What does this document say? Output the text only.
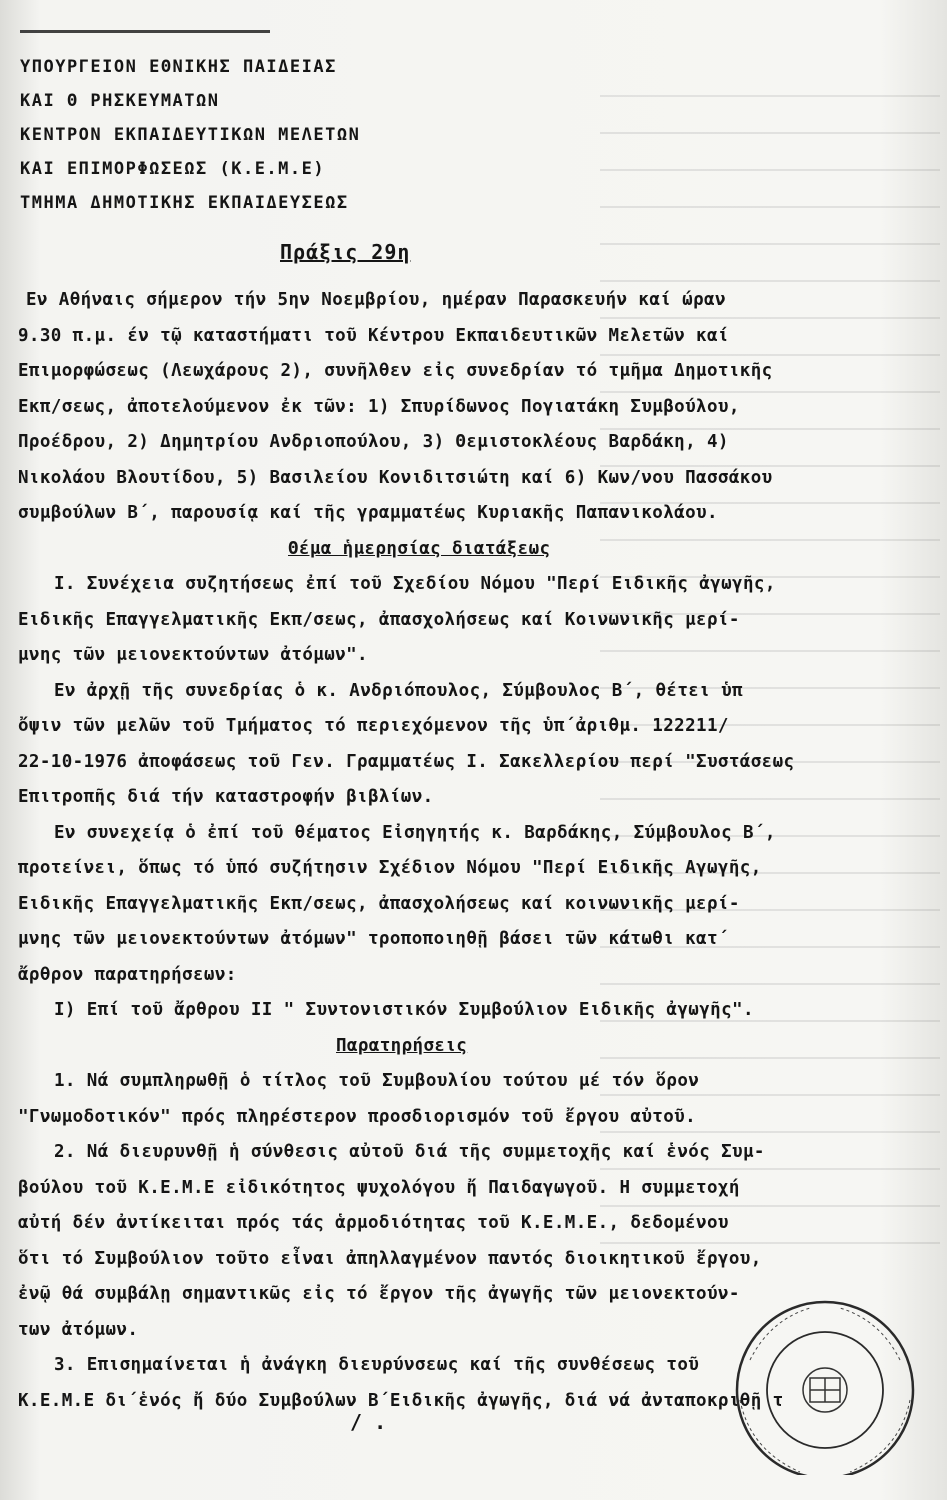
ΥΠΟΥΡΓΕΙΟΝ ΕΘΝΙΚΗΣ ΠΑΙΔΕΙΑΣ
ΚΑΙ Θ ΡΗΣΚΕΥΜΑΤΩΝ
ΚΕΝΤΡΟΝ ΕΚΠΑΙΔΕΥΤΙΚΩΝ ΜΕΛΕΤΩΝ
ΚΑΙ ΕΠΙΜΟΡΦΩΣΕΩΣ (Κ.Ε.Μ.Ε)
ΤΜΗΜΑ ΔΗΜΟΤΙΚΗΣ ΕΚΠΑΙΔΕΥΣΕΩΣ
Πράξις 29η
Εν Αθήναις σήμερον τήν 5ην Νοεμβρίου, ημέραν Παρασκευήν καί ώραν
9.30 π.μ. έν τῷ καταστήματι τοῦ Κέντρου Εκπαιδευτικῶν Μελετῶν καί
Επιμορφώσεως (Λεωχάρους 2), συνῆλθεν εἰς συνεδρίαν τό τμῆμα Δημοτικῆς
Εκπ/σεως, ἀποτελούμενον ἐκ τῶν: 1) Σπυρίδωνος Πογιατάκη Συμβούλου,
Προέδρου, 2) Δημητρίου Ανδριοπούλου, 3) Θεμιστοκλέους Βαρδάκη, 4)
Νικολάου Βλουτίδου, 5) Βασιλείου Κονιδιτσιώτη καί 6) Κων/νου Πασσάκου
συμβούλων Β΄, παρουσίᾳ καί τῆς γραμματέως Κυριακῆς Παπανικολάου.
Θέμα ἡμερησίας διατάξεως
Ι. Συνέχεια συζητήσεως ἐπί τοῦ Σχεδίου Νόμου "Περί Ειδικῆς ἀγωγῆς,
Ειδικῆς Επαγγελματικῆς Εκπ/σεως, ἀπασχολήσεως καί Κοινωνικῆς μερί-
μνης τῶν μειονεκτούντων ἀτόμων".
Εν ἀρχῇ τῆς συνεδρίας ὁ κ. Ανδριόπουλος, Σύμβουλος Β΄, θέτει ὑπ
ὄψιν τῶν μελῶν τοῦ Τμήματος τό περιεχόμενον τῆς ὑπ΄ἀριθμ. 122211/
22-10-1976 ἀποφάσεως τοῦ Γεν. Γραμματέως Ι. Σακελλερίου περί "Συστάσεως
Επιτροπῆς διά τήν καταστροφήν βιβλίων.
Εν συνεχείᾳ ὁ ἐπί τοῦ θέματος Εἰσηγητής κ. Βαρδάκης, Σύμβουλος Β΄,
προτείνει, ὅπως τό ὑπό συζήτησιν Σχέδιον Νόμου "Περί Ειδικῆς Αγωγῆς,
Ειδικῆς Επαγγελματικῆς Εκπ/σεως, ἀπασχολήσεως καί κοινωνικῆς μερί-
μνης τῶν μειονεκτούντων ἀτόμων" τροποποιηθῇ βάσει τῶν κάτωθι κατ΄
ἄρθρον παρατηρήσεων:
Ι) Επί τοῦ ἄρθρου ΙΙ " Συντονιστικόν Συμβούλιον Ειδικῆς ἀγωγῆς".
Παρατηρήσεις
1. Νά συμπληρωθῇ ὁ τίτλος τοῦ Συμβουλίου τούτου μέ τόν ὅρον
"Γνωμοδοτικόν" πρός πληρέστερον προσδιορισμόν τοῦ ἔργου αὐτοῦ.
2. Νά διευρυνθῇ ἡ σύνθεσις αὐτοῦ διά τῆς συμμετοχῆς καί ἑνός Συμ-
βούλου τοῦ Κ.Ε.Μ.Ε εἰδικότητος ψυχολόγου ἤ Παιδαγωγοῦ. Η συμμετοχή
αὐτή δέν ἀντίκειται πρός τάς ἁρμοδιότητας τοῦ Κ.Ε.Μ.Ε., δεδομένου
ὅτι τό Συμβούλιον τοῦτο εἶναι ἀπηλλαγμένον παντός διοικητικοῦ ἔργου,
ἐνῷ θά συμβάλῃ σημαντικῶς εἰς τό ἔργον τῆς ἀγωγῆς τῶν μειονεκτούν-
των ἀτόμων.
3. Επισημαίνεται ἡ ἀνάγκη διευρύνσεως καί τῆς συνθέσεως τοῦ
Κ.Ε.Μ.Ε δι΄ἑνός ἤ δύο Συμβούλων Β΄Ειδικῆς ἀγωγῆς, διά νά ἀνταποκριθῇ τ
/ .
